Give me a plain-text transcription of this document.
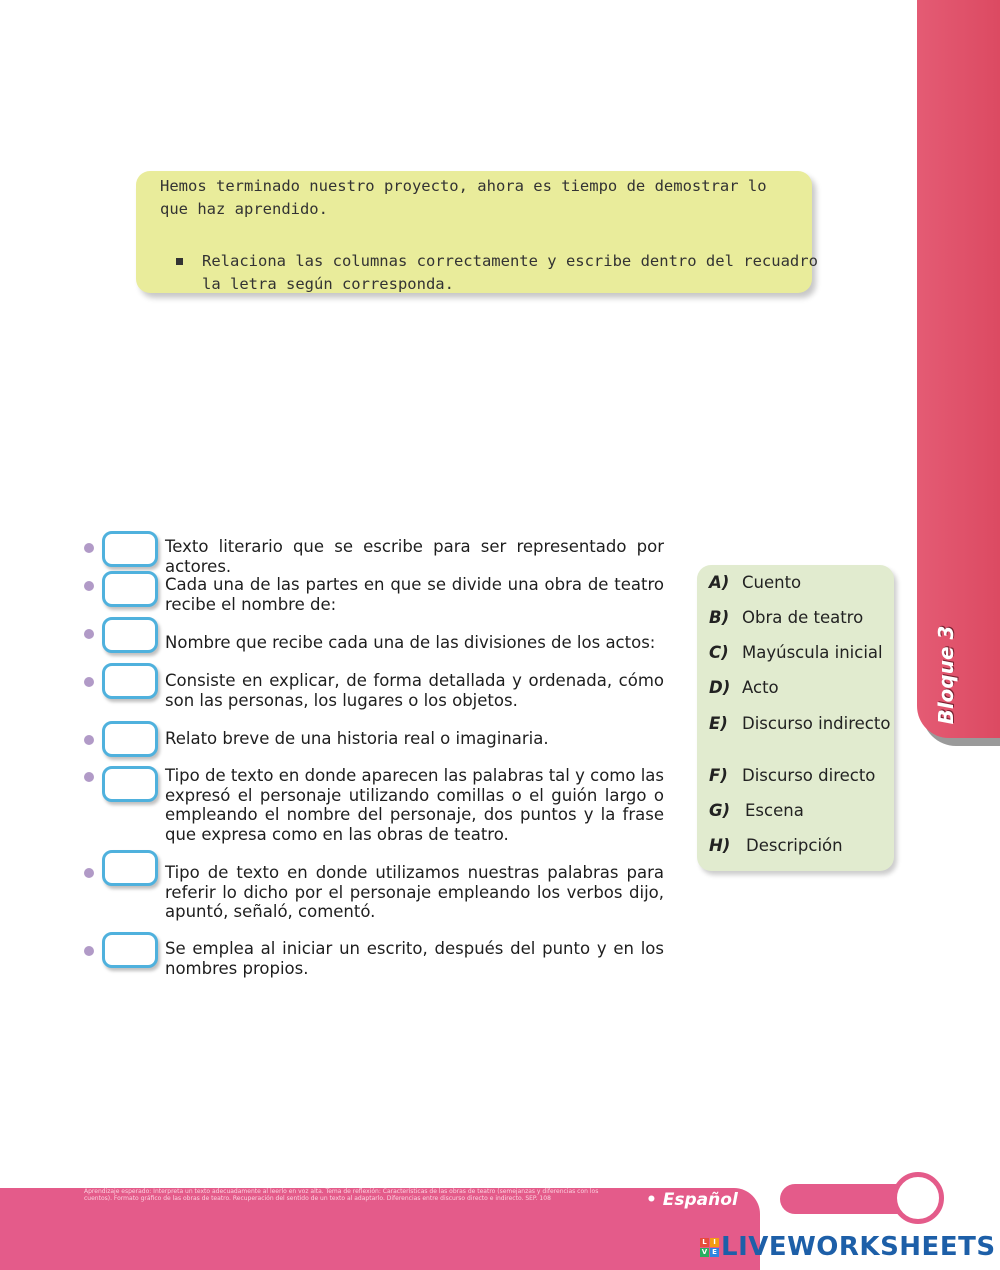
Bloque 3
Hemos terminado nuestro proyecto, ahora es tiempo de demostrar lo que haz aprendido.
Relaciona las columnas correctamente y escribe dentro del recuadro la letra según corresponda.
Texto literario que se escribe para ser representado por actores.
Cada una de las partes en que se divide una obra de teatro recibe el nombre de:
Nombre que recibe cada una de las divisiones de los actos:
Consiste en explicar, de forma detallada y ordenada, cómo son las personas, los lugares o los objetos.
Relato breve de una historia real o imaginaria.
Tipo de texto en donde aparecen las palabras tal y como las expresó el personaje utilizando comillas o el guión largo o empleando el nombre del personaje, dos puntos y la frase que expresa como en las obras de teatro.
Tipo de texto en donde utilizamos nuestras palabras para referir lo dicho por el personaje empleando los verbos dijo, apuntó, señaló, comentó.
Se emplea al iniciar un escrito, después del punto y en los nombres propios.
A) Cuento
B) Obra de teatro
C) Mayúscula inicial
D) Acto
E) Discurso indirecto
F) Discurso directo
G) Escena
H) Descripción
Aprendizaje esperado: Interpreta un texto adecuadamente al leerlo en voz alta. Tema de reflexión: Características de las obras de teatro (semejanzas y diferencias con los cuentos). Formato gráfico de las obras de teatro. Recuperación del sentido de un texto al adaptarlo. Diferencias entre discurso directo e indirecto. SEP. 108	• Español
L I
V E LIVEWORKSHEETS
